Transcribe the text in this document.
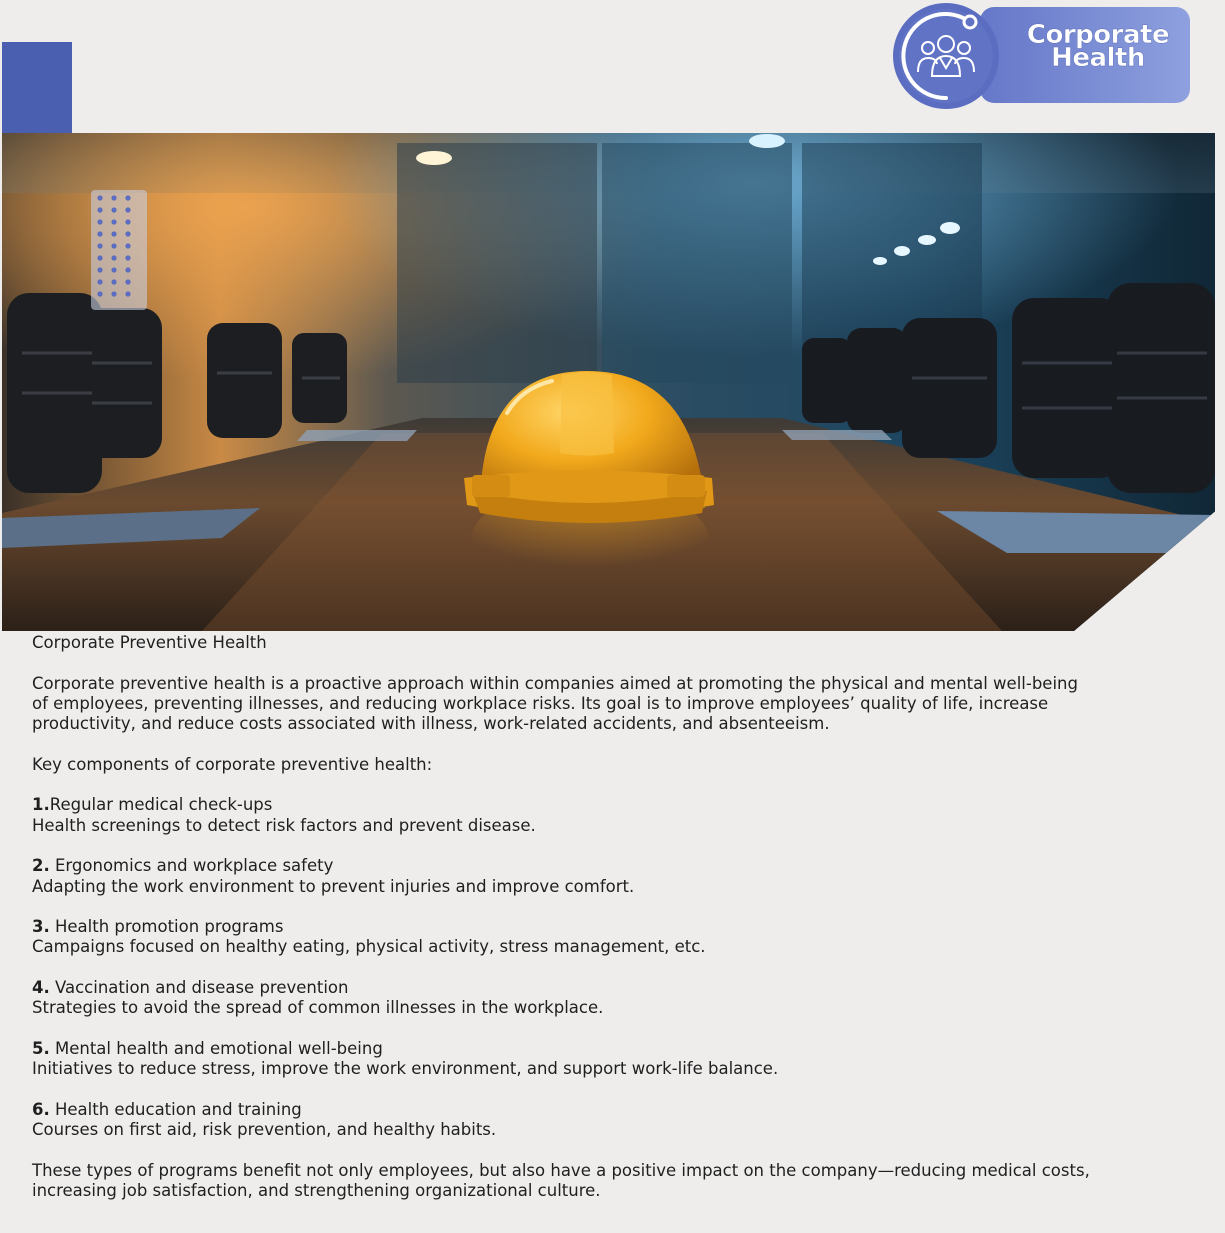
Corporate
Health

Corporate Preventive Health

Corporate preventive health is a proactive approach within companies aimed at promoting the physical and mental well-being of employees, preventing illnesses, and reducing workplace risks. Its goal is to improve employees’ quality of life, increase productivity, and reduce costs associated with illness, work-related accidents, and absenteeism.

Key components of corporate preventive health:

1.Regular medical check-ups
Health screenings to detect risk factors and prevent disease.

2. Ergonomics and workplace safety
Adapting the work environment to prevent injuries and improve comfort.

3. Health promotion programs
Campaigns focused on healthy eating, physical activity, stress management, etc.

4. Vaccination and disease prevention
Strategies to avoid the spread of common illnesses in the workplace.

5. Mental health and emotional well-being
Initiatives to reduce stress, improve the work environment, and support work-life balance.

6. Health education and training
Courses on first aid, risk prevention, and healthy habits.

These types of programs benefit not only employees, but also have a positive impact on the company—reducing medical costs, increasing job satisfaction, and strengthening organizational culture.
